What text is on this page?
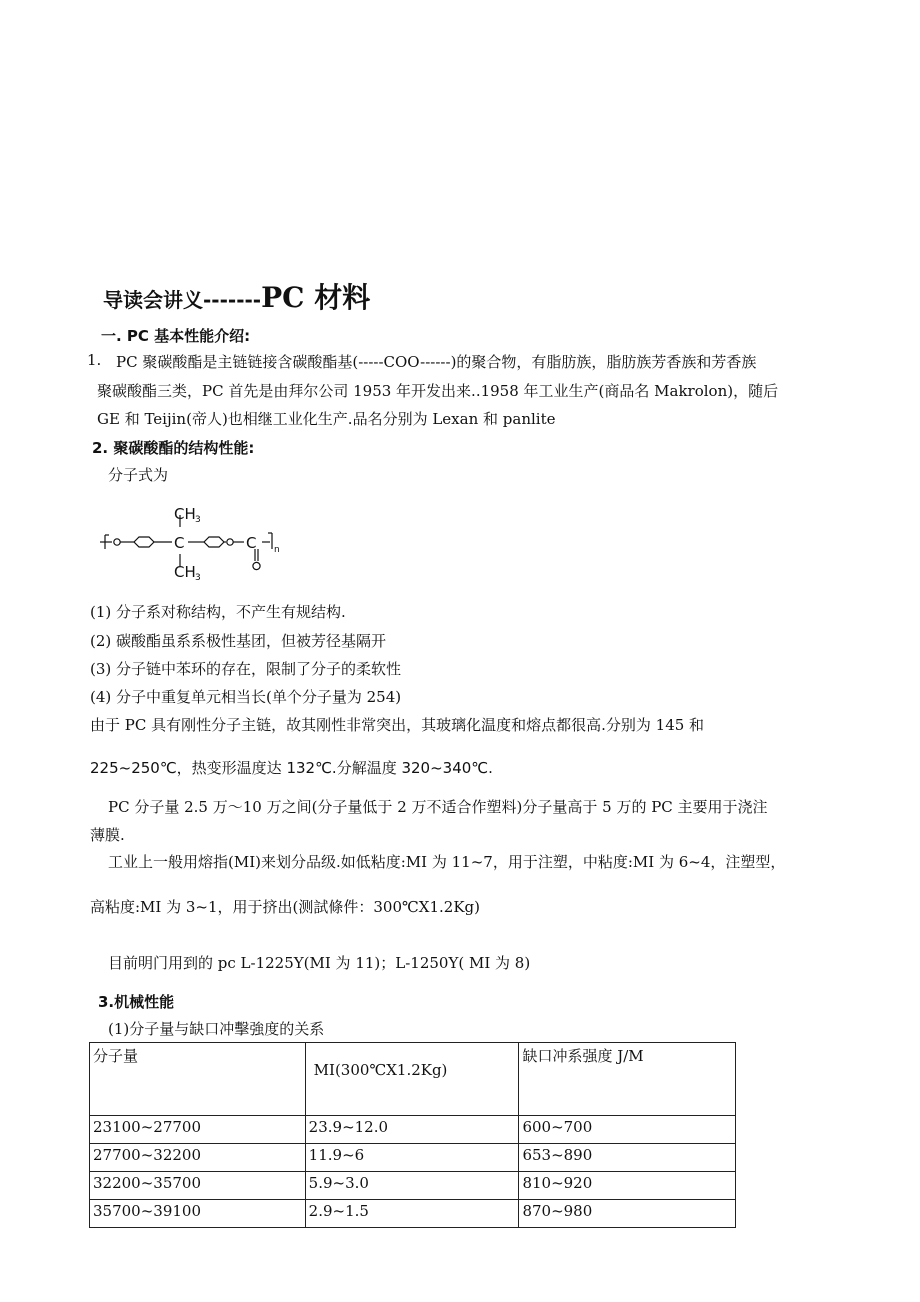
导读会讲义-------PC 材料
一. PC 基本性能介绍:
1. PC 聚碳酸酯是主链链接含碳酸酯基(-----COO------)的聚合物，有脂肪族，脂肪族芳香族和芳香族
聚碳酸酯三类，PC 首先是由拜尔公司 1953 年开发出来..1958 年工业生产(商品名 Makrolon)，随后
GE 和 Teijin(帝人)也相继工业化生产.品名分别为 Lexan 和 panlite
2. 聚碳酸酯的结构性能:
分子式为
CH 3
C
CH 3
C n
(1) 分子系对称结构，不产生有规结构.
(2) 碳酸酯虽系系极性基团，但被芳径基隔开
(3) 分子链中苯环的存在，限制了分子的柔软性
(4) 分子中重复单元相当长(单个分子量为 254)
由于 PC 具有刚性分子主链，故其刚性非常突出，其玻璃化温度和熔点都很高.分别为 145 和
225~250℃，热变形温度达 132℃.分解温度 320~340℃.
PC 分子量 2.5 万～10 万之间(分子量低于 2 万不适合作塑料)分子量高于 5 万的 PC 主要用于浇注
薄膜.
工业上一般用熔指(MI)来划分品级.如低粘度:MI 为 11~7，用于注塑，中粘度:MI 为 6~4，注塑型，
高粘度:MI 为 3~1，用于挤出(测試條件：300℃X1.2Kg)
目前明门用到的 pc L-1225Y(MI 为 11)；L-1250Y( MI 为 8)
3.机械性能
(1)分子量与缺口冲擊強度的关系
分子量	MI(300℃X1.2Kg)	缺口冲系强度 J/M
23100~27700	23.9~12.0	600~700
27700~32200	11.9~6	653~890
32200~35700	5.9~3.0	810~920
35700~39100	2.9~1.5	870~980
